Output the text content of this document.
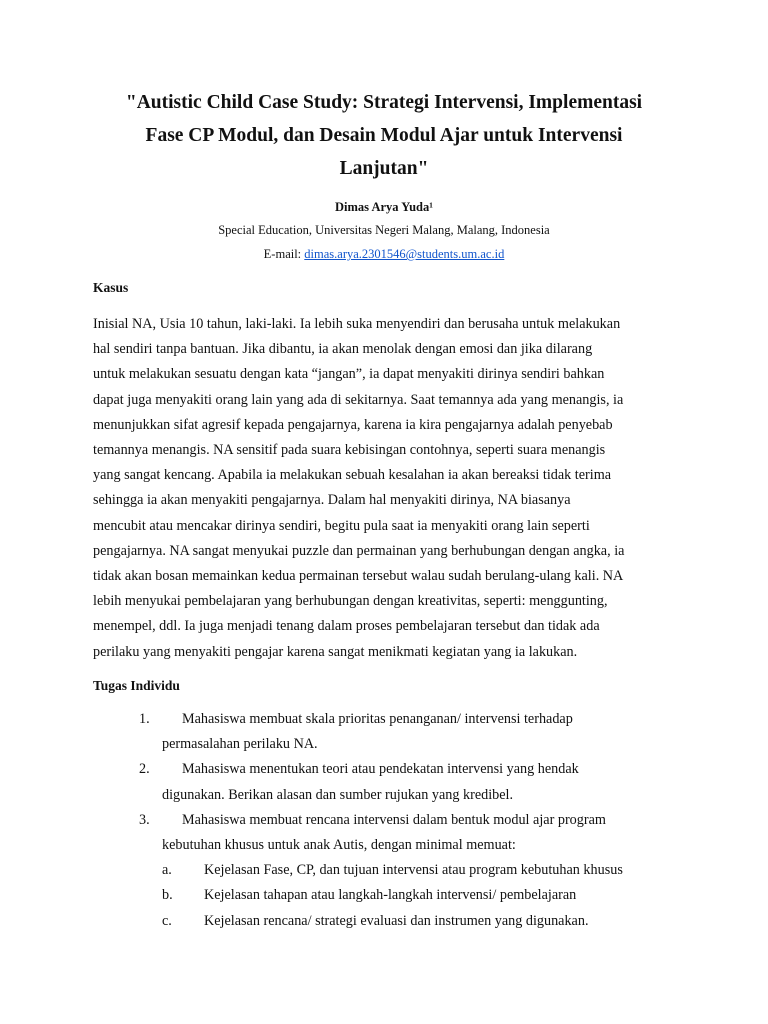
"Autistic Child Case Study: Strategi Intervensi, Implementasi
Fase CP Modul, dan Desain Modul Ajar untuk Intervensi
Lanjutan"

Dimas Arya Yuda¹

Special Education, Universitas Negeri Malang, Malang, Indonesia

E-mail: dimas.arya.2301546@students.um.ac.id

Kasus

Inisial NA, Usia 10 tahun, laki-laki. Ia lebih suka menyendiri dan berusaha untuk melakukan
hal sendiri tanpa bantuan. Jika dibantu, ia akan menolak dengan emosi dan jika dilarang
untuk melakukan sesuatu dengan kata “jangan”, ia dapat menyakiti dirinya sendiri bahkan
dapat juga menyakiti orang lain yang ada di sekitarnya. Saat temannya ada yang menangis, ia
menunjukkan sifat agresif kepada pengajarnya, karena ia kira pengajarnya adalah penyebab
temannya menangis. NA sensitif pada suara kebisingan contohnya, seperti suara menangis
yang sangat kencang. Apabila ia melakukan sebuah kesalahan ia akan bereaksi tidak terima
sehingga ia akan menyakiti pengajarnya. Dalam hal menyakiti dirinya, NA biasanya
mencubit atau mencakar dirinya sendiri, begitu pula saat ia menyakiti orang lain seperti
pengajarnya. NA sangat menyukai puzzle dan permainan yang berhubungan dengan angka, ia
tidak akan bosan memainkan kedua permainan tersebut walau sudah berulang-ulang kali. NA
lebih menyukai pembelajaran yang berhubungan dengan kreativitas, seperti: menggunting,
menempel, ddl. Ia juga menjadi tenang dalam proses pembelajaran tersebut dan tidak ada
perilaku yang menyakiti pengajar karena sangat menikmati kegiatan yang ia lakukan.

Tugas Individu
1. Mahasiswa membuat skala prioritas penanganan/ intervensi terhadap
permasalahan perilaku NA.
2. Mahasiswa menentukan teori atau pendekatan intervensi yang hendak
digunakan. Berikan alasan dan sumber rujukan yang kredibel.
3. Mahasiswa membuat rencana intervensi dalam bentuk modul ajar program
kebutuhan khusus untuk anak Autis, dengan minimal memuat:
a. Kejelasan Fase, CP, dan tujuan intervensi atau program kebutuhan khusus
b. Kejelasan tahapan atau langkah-langkah intervensi/ pembelajaran
c. Kejelasan rencana/ strategi evaluasi dan instrumen yang digunakan.
